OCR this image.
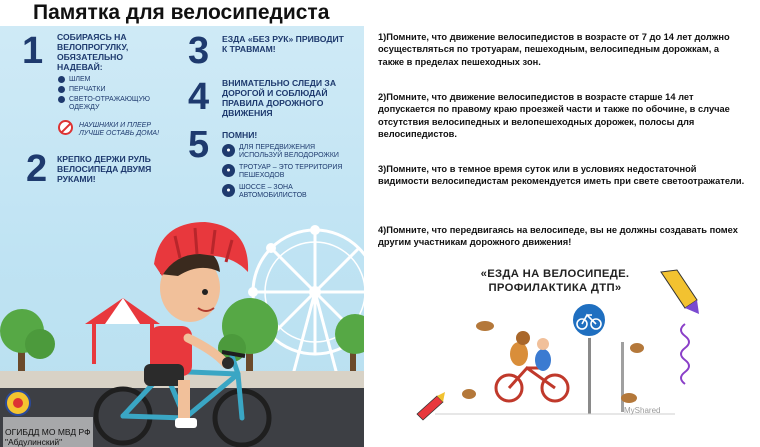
Памятка для велосипедиста
1 СОБИРАЯСЬ НА ВЕЛОПРОГУЛКУ, ОБЯЗАТЕЛЬНО НАДЕВАЙ:
ШЛЕМ
ПЕРЧАТКИ
СВЕТО-ОТРАЖАЮЩУЮ ОДЕЖДУ
НАУШНИКИ И ПЛЕЕР ЛУЧШЕ ОСТАВЬ ДОМА!
2 КРЕПКО ДЕРЖИ РУЛЬ ВЕЛОСИПЕДА ДВУМЯ РУКАМИ!
3 ЕЗДА «БЕЗ РУК» ПРИВОДИТ К ТРАВМАМ!
4 ВНИМАТЕЛЬНО СЛЕДИ ЗА ДОРОГОЙ И СОБЛЮДАЙ ПРАВИЛА ДОРОЖНОГО ДВИЖЕНИЯ
5 ПОМНИ!
●	ДЛЯ ПЕРЕДВИЖЕНИЯ ИСПОЛЬЗУЙ ВЕЛОДОРОЖКИ
●	ТРОТУАР – ЭТО ТЕРРИТОРИЯ ПЕШЕХОДОВ
●	ШОССЕ – ЗОНА АВТОМОБИЛИСТОВ

ОГИБДД МО МВД РФ
"Абдулинский"

1)Помните, что движение велосипедистов в возрасте от 7 до 14 лет должно осуществляться по тротуарам, пешеходным, велосипедным дорожкам, а также в пределах пешеходных зон.
2)Помните, что движение велосипедистов в возрасте старше 14 лет допускается по правому краю проезжей части и также по обочине, в случае отсутствия велосипедных и велопешеходных дорожек, полосы для велосипедистов.
3)Помните, что в темное время суток или в условиях недостаточной видимости велосипедистам рекомендуется иметь при свете светоотражатели.
4)Помните, что передвигаясь на велосипеде, вы не должны создавать помех другим участникам дорожного движения!
«ЕЗДА НА ВЕЛОСИПЕДЕ. ПРОФИЛАКТИКА ДТП»
MyShared
